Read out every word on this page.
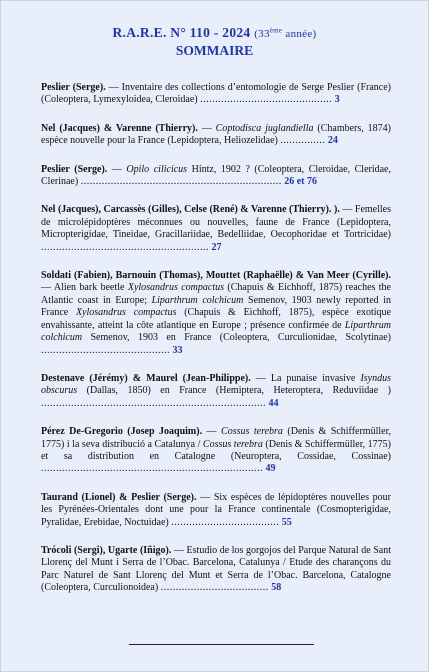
R.A.R.E. N° 110 - 2024 (33ème année)
SOMMAIRE
Peslier (Serge). — Inventaire des collections d’entomologie de Serge Peslier (France) (Coleoptera, Lymexyloidea, Cleroidae) ............................................ 3
Nel (Jacques) & Varenne (Thierry). — Coptodisca juglandiella (Chambers, 1874) espèce nouvelle pour la France (Lepidoptera, Heliozelidae) ............... 24
Peslier (Serge). — Opilo cilicicus Hintz, 1902 ? (Coleoptera, Cleroidae, Cleridae, Clerinae) ................................................................... 26 et 76
Nel (Jacques), Carcassès (Gilles), Celse (René) & Varenne (Thierry). ). — Femelles de microlépidoptères méconnues ou nouvelles, faune de France (Lepidoptera, Micropterigidae, Tineidae, Gracillariidae, Bedelliidae, Oecophoridae et Tortricidae) ........................................................ 27
Soldati (Fabien), Barnouin (Thomas), Mouttet (Raphaëlle) & Van Meer (Cyrille). — Alien bark beetle Xylosandrus compactus (Chapuis & Eichhoff, 1875) reaches the Atlantic coast in Europe; Liparthrum colchicum Semenov, 1903 newly reported in France Xylosandrus compactus (Chapuis & Eichhoff, 1875), espèce exotique envahissante, atteint la côte atlantique en Europe ; présence confirmée de Liparthrum colchicum Semenov, 1903 en France (Coleoptera, Curculionidae, Scolytinae) ........................................... 33
Destenave (Jérémy) & Maurel (Jean-Philippe). — La punaise invasive Isyndus obscurus (Dallas, 1850) en France (Hemiptera, Heteroptera, Reduviidae ) ........................................................................... 44
Pérez De-Gregorio (Josep Joaquim). — Cossus terebra (Denis & Schiffermüller, 1775) i la seva distribució a Catalunya / Cossus terebra (Denis & Schiffermüller, 1775) et sa distribution en Catalogne (Neuroptera, Cossidae, Cossinae) .......................................................................... 49
Taurand (Lionel) & Peslier (Serge). — Six espèces de lépidoptères nouvelles pour les Pyrénées-Orientales dont une pour la France continentale (Cosmopterigidae, Pyralidae, Erebidae, Noctuidae) .................................... 55
Trócoli (Sergi), Ugarte (Iñigo). — Estudio de los gorgojos del Parque Natural de Sant Llorenç del Munt i Serra de l’Obac. Barcelona, Catalunya / Etude des charançons du Parc Naturel de Sant Llorenç del Munt et Serra de l’Obac. Barcelona, Catalogne (Coleoptera, Curculionoidea) .................................... 58
